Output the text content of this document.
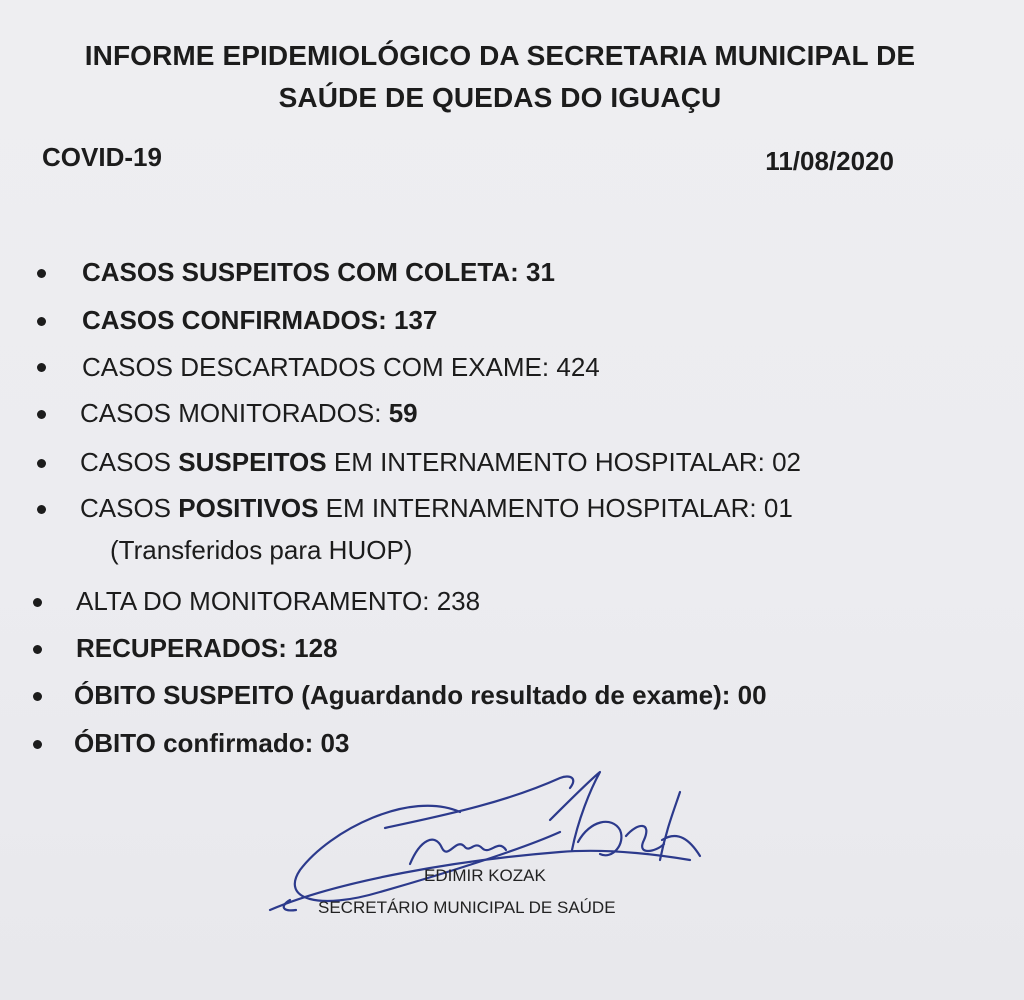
INFORME EPIDEMIOLÓGICO DA SECRETARIA MUNICIPAL DE
SAÚDE DE QUEDAS DO IGUAÇU
COVID-19	11/08/2020
CASOS SUSPEITOS COM COLETA: 31
CASOS CONFIRMADOS: 137
CASOS DESCARTADOS COM EXAME: 424
CASOS MONITORADOS: 59
CASOS SUSPEITOS EM INTERNAMENTO HOSPITALAR: 02
CASOS POSITIVOS EM INTERNAMENTO HOSPITALAR: 01
(Transferidos para HUOP)
ALTA DO MONITORAMENTO: 238
RECUPERADOS: 128
ÓBITO SUSPEITO (Aguardando resultado de exame): 00
ÓBITO confirmado: 03
EDIMIR KOZAK
SECRETÁRIO MUNICIPAL DE SAÚDE
